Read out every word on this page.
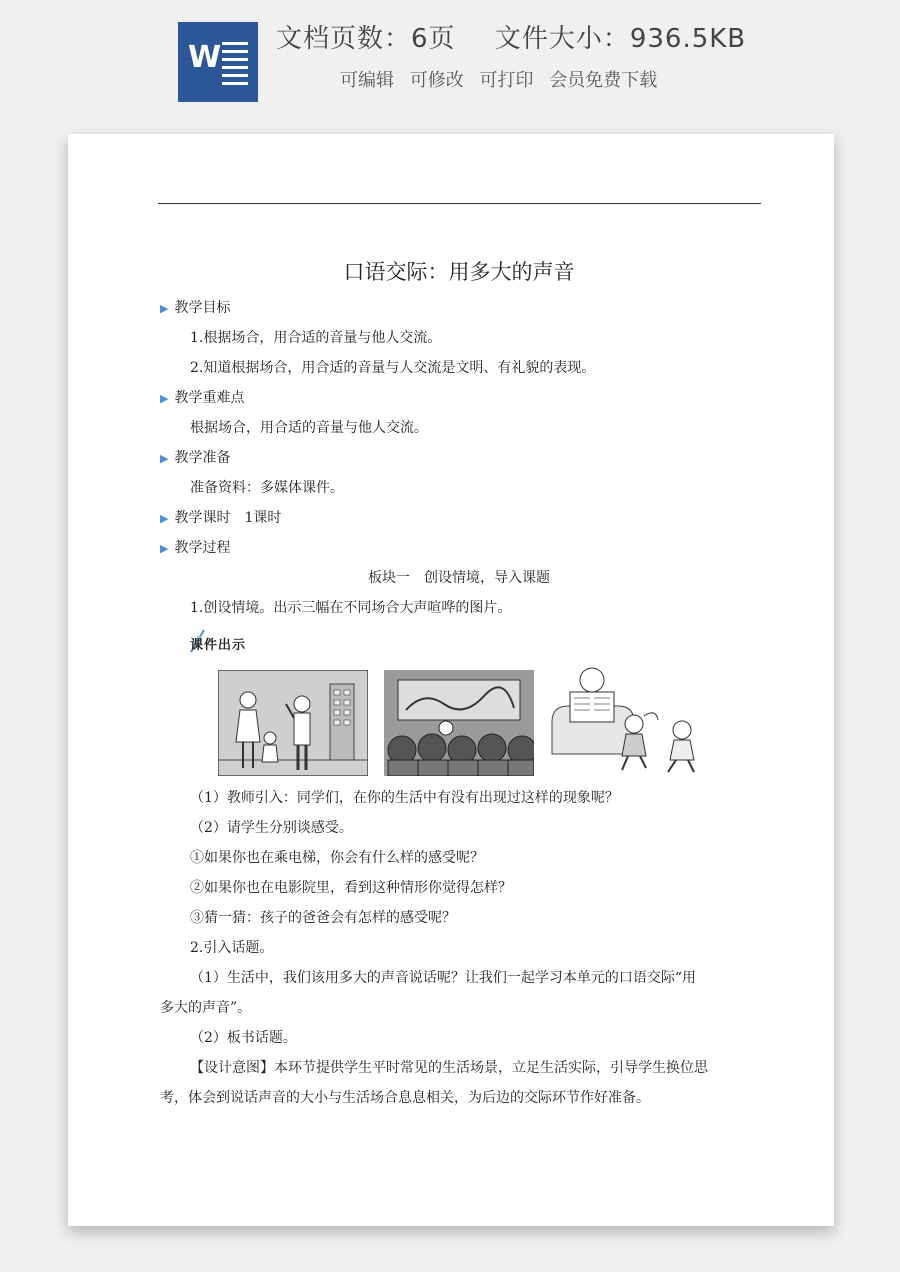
W
文档页数：6页 文件大小：936.5KB
可编辑 可修改 可打印 会员免费下载
口语交际：用多大的声音
▶ 教学目标
1.根据场合，用合适的音量与他人交流。
2.知道根据场合，用合适的音量与人交流是文明、有礼貌的表现。
▶ 教学重难点
根据场合，用合适的音量与他人交流。
▶ 教学准备
准备资料：多媒体课件。
▶ 教学课时　1课时
▶ 教学过程
板块一　创设情境，导入课题
1.创设情境。出示三幅在不同场合大声喧哗的图片。
课件出示
（1）教师引入：同学们，在你的生活中有没有出现过这样的现象呢？
（2）请学生分别谈感受。
①如果你也在乘电梯，你会有什么样的感受呢？
②如果你也在电影院里，看到这种情形你觉得怎样？
③猜一猜：孩子的爸爸会有怎样的感受呢？
2.引入话题。
（1）生活中，我们该用多大的声音说话呢？让我们一起学习本单元的口语交际“用
多大的声音”。
（2）板书话题。
【设计意图】本环节提供学生平时常见的生活场景，立足生活实际，引导学生换位思
考，体会到说话声音的大小与生活场合息息相关，为后边的交际环节作好准备。
